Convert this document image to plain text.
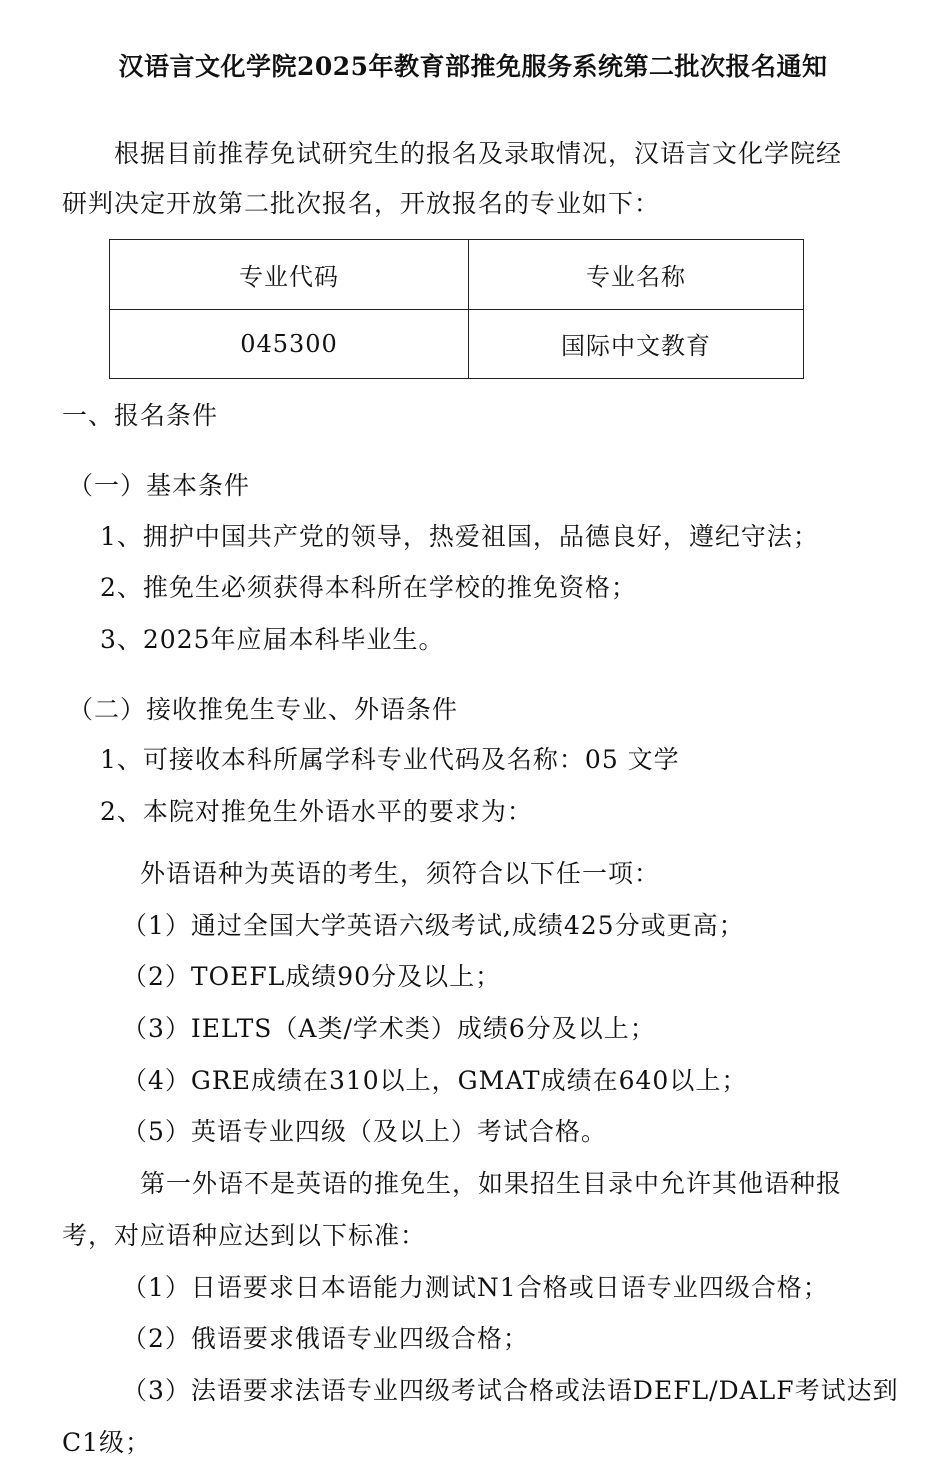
汉语言文化学院2025年教育部推免服务系统第二批次报名通知
根据目前推荐免试研究生的报名及录取情况，汉语言文化学院经
研判决定开放第二批次报名，开放报名的专业如下：
专业代码	专业名称
045300	国际中文教育
一、报名条件
（一）基本条件
1、拥护中国共产党的领导，热爱祖国，品德良好，遵纪守法；
2、推免生必须获得本科所在学校的推免资格；
3、2025年应届本科毕业生。
（二）接收推免生专业、外语条件
1、可接收本科所属学科专业代码及名称：05 文学
2、本院对推免生外语水平的要求为：
外语语种为英语的考生，须符合以下任一项：
（1）通过全国大学英语六级考试,成绩425分或更高；
（2）TOEFL成绩90分及以上；
（3）IELTS（A类/学术类）成绩6分及以上；
（4）GRE成绩在310以上，GMAT成绩在640以上；
（5）英语专业四级（及以上）考试合格。
第一外语不是英语的推免生，如果招生目录中允许其他语种报
考，对应语种应达到以下标准：
（1）日语要求日本语能力测试N1合格或日语专业四级合格；
（2）俄语要求俄语专业四级合格；
（3）法语要求法语专业四级考试合格或法语DEFL/DALF考试达到
C1级；
